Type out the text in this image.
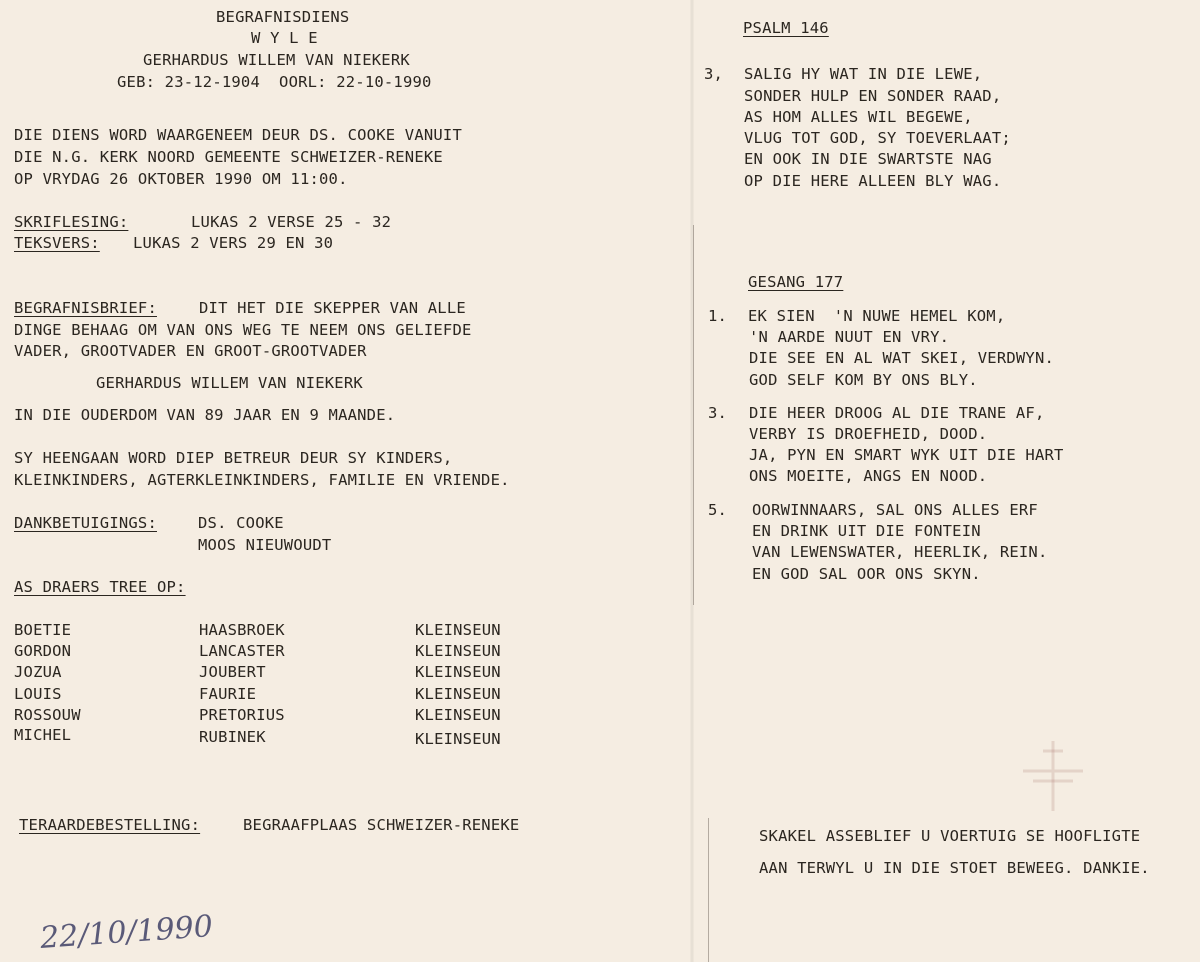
BEGRAFNISDIENS
W Y L E
GERHARDUS WILLEM VAN NIEKERK
GEB: 23-12-1904  OORL: 22-10-1990
DIE DIENS WORD WAARGENEEM DEUR DS. COOKE VANUIT
DIE N.G. KERK NOORD GEMEENTE SCHWEIZER-RENEKE
OP VRYDAG 26 OKTOBER 1990 OM 11:00.
SKRIFLESING:	LUKAS 2 VERSE 25 - 32
TEKSVERS: LUKAS 2 VERS 29 EN 30
BEGRAFNISBRIEF:	DIT HET DIE SKEPPER VAN ALLE
DINGE BEHAAG OM VAN ONS WEG TE NEEM ONS GELIEFDE
VADER, GROOTVADER EN GROOT-GROOTVADER
GERHARDUS WILLEM VAN NIEKERK
IN DIE OUDERDOM VAN 89 JAAR EN 9 MAANDE.
SY HEENGAAN WORD DIEP BETREUR DEUR SY KINDERS,
KLEINKINDERS, AGTERKLEINKINDERS, FAMILIE EN VRIENDE.
DANKBETUIGINGS:	DS. COOKE
MOOS NIEUWOUDT
AS DRAERS TREE OP:
BOETIE	HAASBROEK	KLEINSEUN
GORDON	LANCASTER	KLEINSEUN
JOZUA	JOUBERT	KLEINSEUN
LOUIS	FAURIE	KLEINSEUN
ROSSOUW	PRETORIUS	KLEINSEUN
MICHEL	RUBINEK	KLEINSEUN
TERAARDEBESTELLING:	BEGRAAFPLAAS SCHWEIZER-RENEKE
22/10/1990
PSALM 146
3, SALIG HY WAT IN DIE LEWE,
SONDER HULP EN SONDER RAAD,
AS HOM ALLES WIL BEGEWE,
VLUG TOT GOD, SY TOEVERLAAT;
EN OOK IN DIE SWARTSTE NAG
OP DIE HERE ALLEEN BLY WAG.
GESANG 177
1. EK SIEN  'N NUWE HEMEL KOM,
'N AARDE NUUT EN VRY.
DIE SEE EN AL WAT SKEI, VERDWYN.
GOD SELF KOM BY ONS BLY.
3. DIE HEER DROOG AL DIE TRANE AF,
VERBY IS DROEFHEID, DOOD.
JA, PYN EN SMART WYK UIT DIE HART
ONS MOEITE, ANGS EN NOOD.
5. OORWINNAARS, SAL ONS ALLES ERF
EN DRINK UIT DIE FONTEIN
VAN LEWENSWATER, HEERLIK, REIN.
EN GOD SAL OOR ONS SKYN.
SKAKEL ASSEBLIEF U VOERTUIG SE HOOFLIGTE
AAN TERWYL U IN DIE STOET BEWEEG. DANKIE.
